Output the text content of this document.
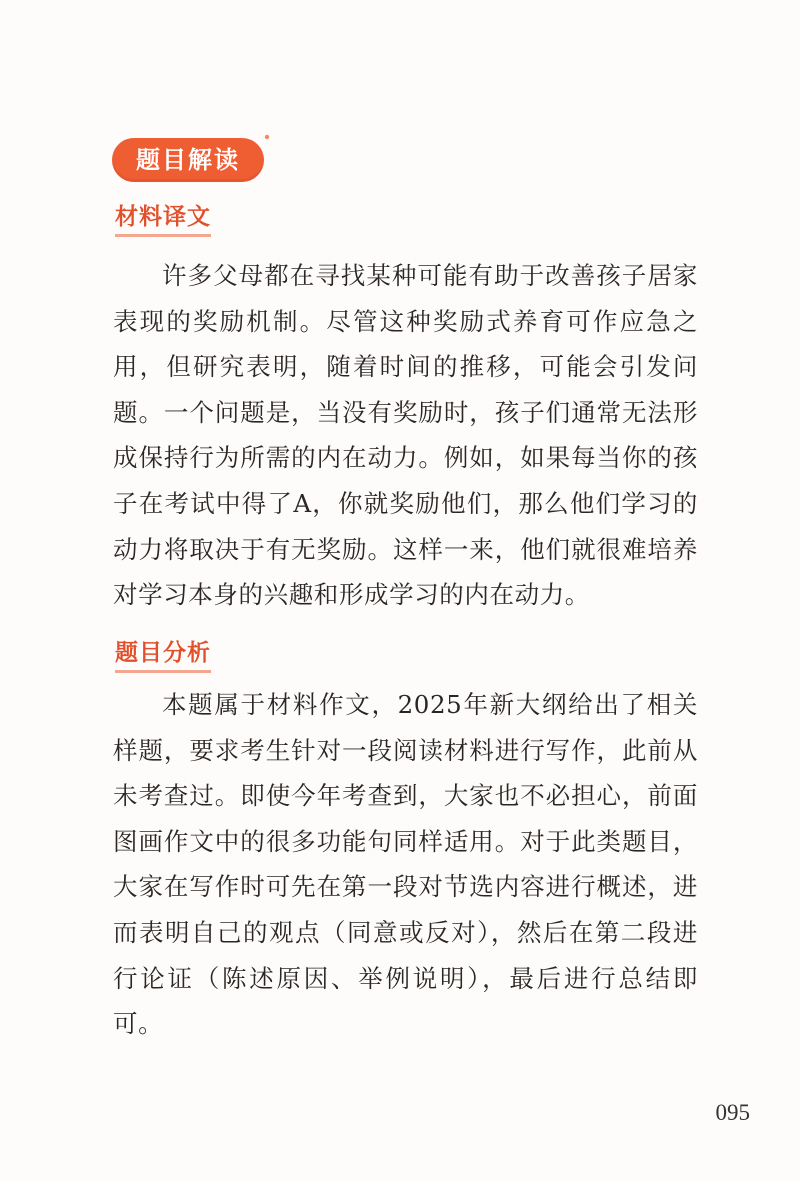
题目解读
材料译文

许多父母都在寻找某种可能有助于改善孩子居家表现的奖励机制。尽管这种奖励式养育可作应急之用，但研究表明，随着时间的推移，可能会引发问题。一个问题是，当没有奖励时，孩子们通常无法形成保持行为所需的内在动力。例如，如果每当你的孩子在考试中得了A，你就奖励他们，那么他们学习的动力将取决于有无奖励。这样一来，他们就很难培养对学习本身的兴趣和形成学习的内在动力。

题目分析

本题属于材料作文，2025年新大纲给出了相关样题，要求考生针对一段阅读材料进行写作，此前从未考查过。即使今年考查到，大家也不必担心，前面图画作文中的很多功能句同样适用。对于此类题目，大家在写作时可先在第一段对节选内容进行概述，进而表明自己的观点（同意或反对），然后在第二段进行论证（陈述原因、举例说明），最后进行总结即可。

095
